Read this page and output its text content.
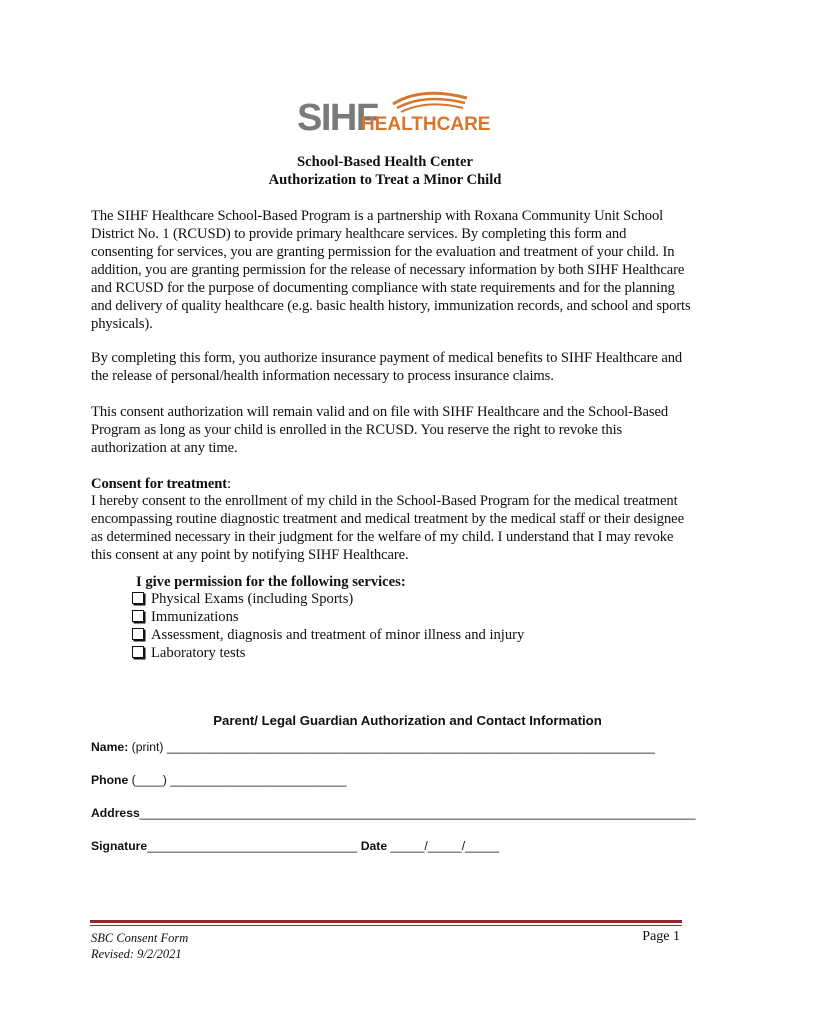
SIHF
HEALTHCARE
School-Based Health Center
Authorization to Treat a Minor Child
The SIHF Healthcare School-Based Program is a partnership with Roxana Community Unit School District No. 1 (RCUSD) to provide primary healthcare services. By completing this form and consenting for services, you are granting permission for the evaluation and treatment of your child. In addition, you are granting permission for the release of necessary information by both SIHF Healthcare and RCUSD for the purpose of documenting compliance with state requirements and for the planning and delivery of quality healthcare (e.g. basic health history, immunization records, and school and sports physicals).
By completing this form, you authorize insurance payment of medical benefits to SIHF Healthcare and the release of personal/health information necessary to process insurance claims.
This consent authorization will remain valid and on file with SIHF Healthcare and the School-Based Program as long as your child is enrolled in the RCUSD. You reserve the right to revoke this authorization at any time.
Consent for treatment:
I hereby consent to the enrollment of my child in the School-Based Program for the medical treatment encompassing routine diagnostic treatment and medical treatment by the medical staff or their designee as determined necessary in their judgment for the welfare of my child. I understand that I may revoke this consent at any point by notifying SIHF Healthcare.
I give permission for the following services:
Physical Exams (including Sports)
Immunizations
Assessment, diagnosis and treatment of minor illness and injury
Laboratory tests
Parent/ Legal Guardian Authorization and Contact Information
Name: (print) ________________________________________________________________________
Phone (____) __________________________
Address__________________________________________________________________________________
Signature_______________________________ Date _____/_____/_____
SBC Consent Form
Revised: 9/2/2021
Page 1
